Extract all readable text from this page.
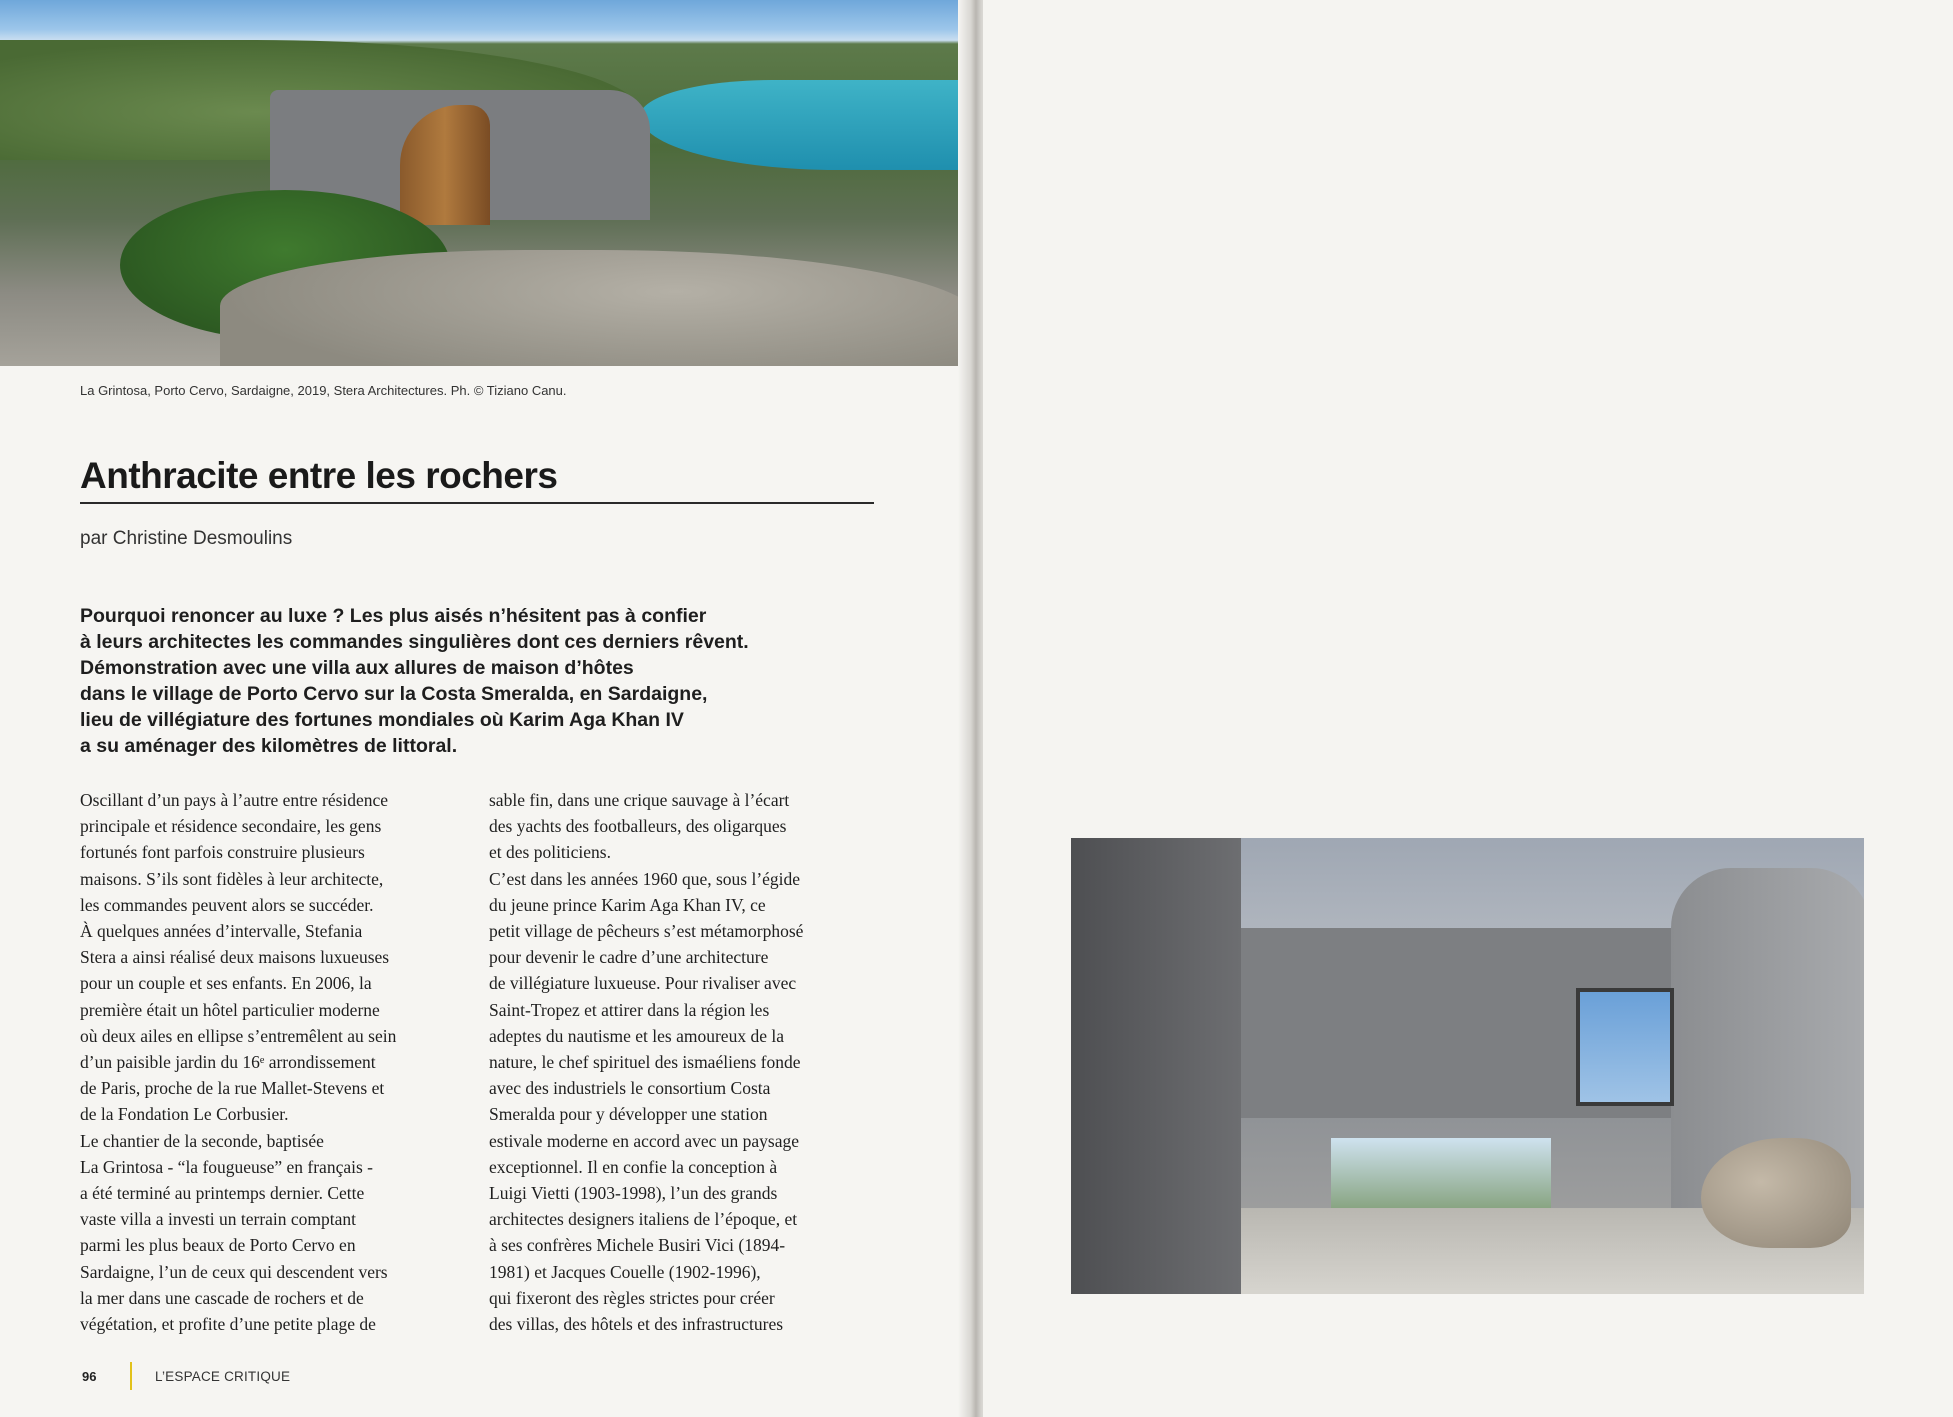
La Grintosa, Porto Cervo, Sardaigne, 2019, Stera Architectures. Ph. © Tiziano Canu.
Anthracite entre les rochers
par Christine Desmoulins

Pourquoi renoncer au luxe ? Les plus aisés n’hésitent pas à confier
à leurs architectes les commandes singulières dont ces derniers rêvent.
Démonstration avec une villa aux allures de maison d’hôtes
dans le village de Porto Cervo sur la Costa Smeralda, en Sardaigne,
lieu de villégiature des fortunes mondiales où Karim Aga Khan IV
a su aménager des kilomètres de littoral.

Oscillant d’un pays à l’autre entre résidence
principale et résidence secondaire, les gens
fortunés font parfois construire plusieurs
maisons. S’ils sont fidèles à leur architecte,
les commandes peuvent alors se succéder.
À quelques années d’intervalle, Stefania
Stera a ainsi réalisé deux maisons luxueuses
pour un couple et ses enfants. En 2006, la
première était un hôtel particulier moderne
où deux ailes en ellipse s’entremêlent au sein
d’un paisible jardin du 16ᵉ arrondissement
de Paris, proche de la rue Mallet-Stevens et
de la Fondation Le Corbusier.
Le chantier de la seconde, baptisée
La Grintosa - “la fougueuse” en français -
a été terminé au printemps dernier. Cette
vaste villa a investi un terrain comptant
parmi les plus beaux de Porto Cervo en
Sardaigne, l’un de ceux qui descendent vers
la mer dans une cascade de rochers et de
végétation, et profite d’une petite plage de

sable fin, dans une crique sauvage à l’écart
des yachts des footballeurs, des oligarques
et des politiciens.
C’est dans les années 1960 que, sous l’égide
du jeune prince Karim Aga Khan IV, ce
petit village de pêcheurs s’est métamorphosé
pour devenir le cadre d’une architecture
de villégiature luxueuse. Pour rivaliser avec
Saint-Tropez et attirer dans la région les
adeptes du nautisme et les amoureux de la
nature, le chef spirituel des ismaéliens fonde
avec des industriels le consortium Costa
Smeralda pour y développer une station
estivale moderne en accord avec un paysage
exceptionnel. Il en confie la conception à
Luigi Vietti (1903-1998), l’un des grands
architectes designers italiens de l’époque, et
à ses confrères Michele Busiri Vici (1894-
1981) et Jacques Couelle (1902-1996),
qui fixeront des règles strictes pour créer
des villas, des hôtels et des infrastructures

96	L’ESPACE CRITIQUE
